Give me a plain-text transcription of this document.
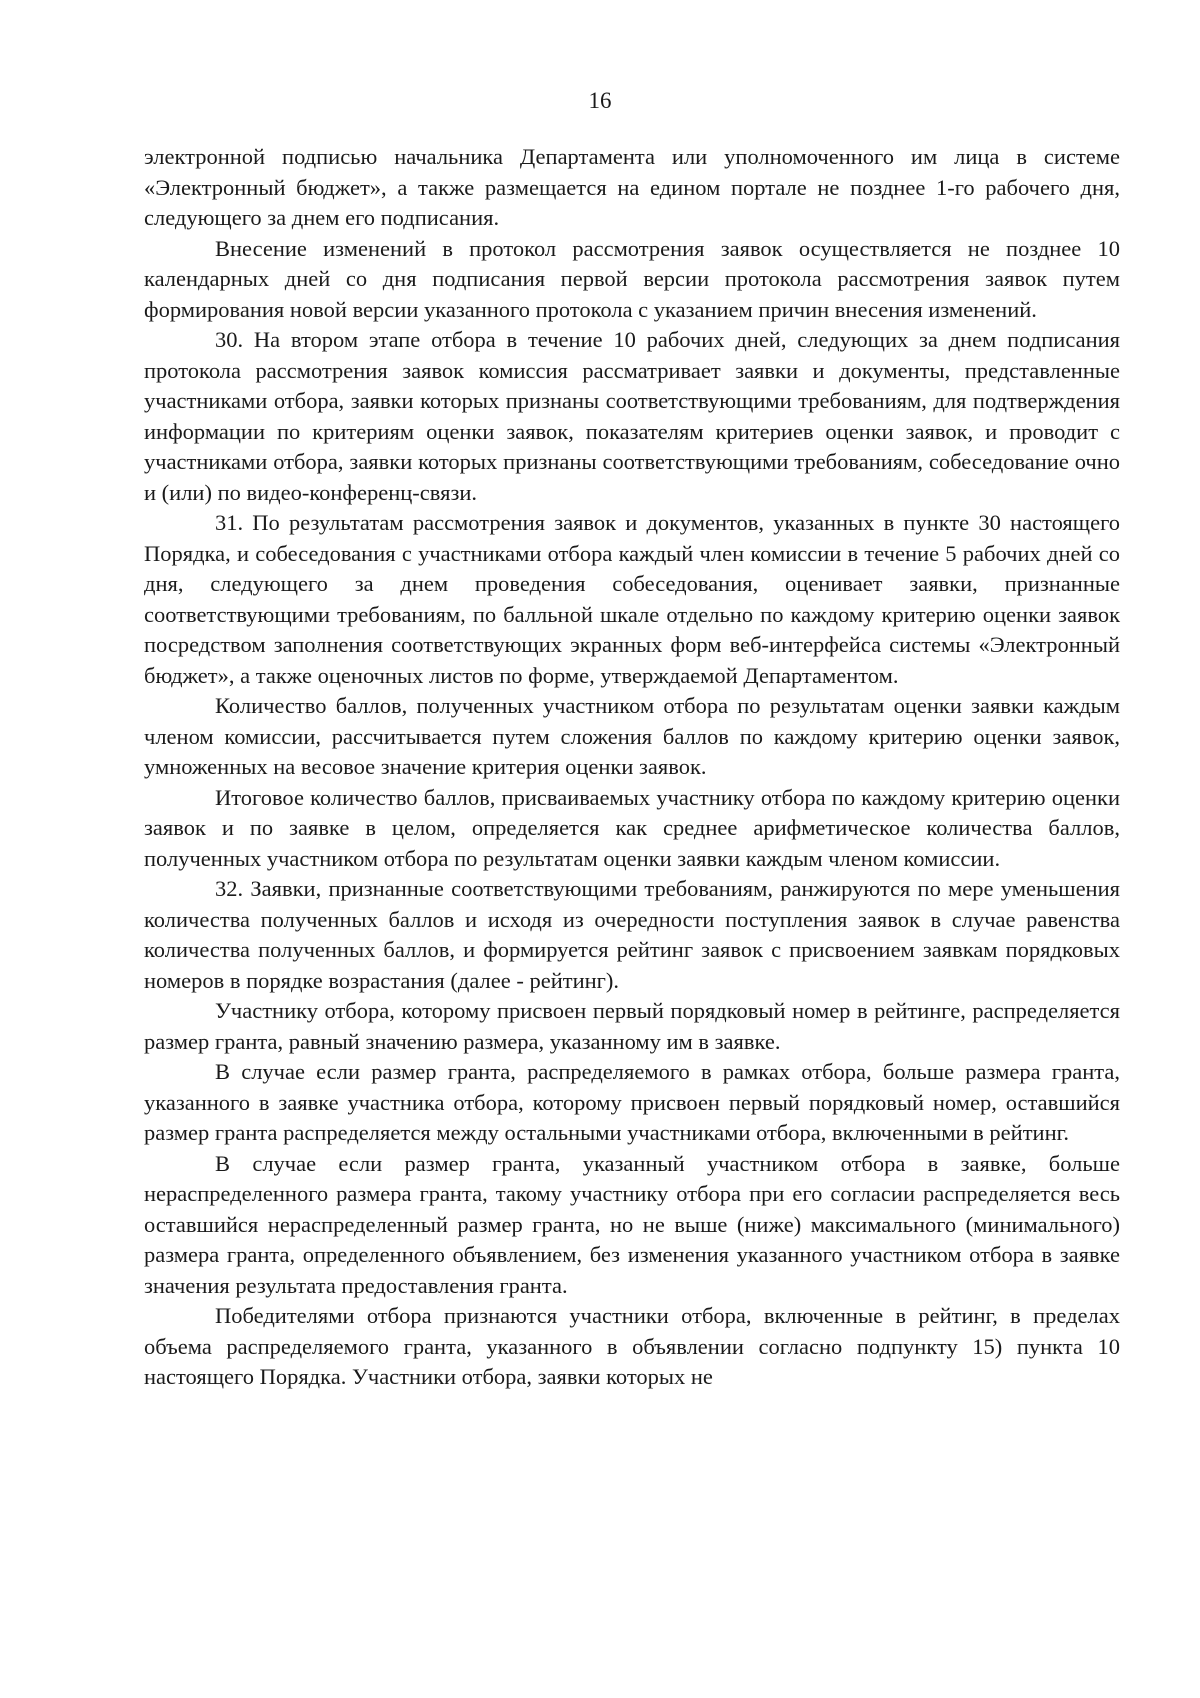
16

электронной подписью начальника Департамента или уполномоченного им лица в системе «Электронный бюджет», а также размещается на едином портале не позднее 1-го рабочего дня, следующего за днем его подписания.

Внесение изменений в протокол рассмотрения заявок осуществляется не позднее 10 календарных дней со дня подписания первой версии протокола рассмотрения заявок путем формирования новой версии указанного протокола с указанием причин внесения изменений.

30. На втором этапе отбора в течение 10 рабочих дней, следующих за днем подписания протокола рассмотрения заявок комиссия рассматривает заявки и документы, представленные участниками отбора, заявки которых признаны соответствующими требованиям, для подтверждения информации по критериям оценки заявок, показателям критериев оценки заявок, и проводит с участниками отбора, заявки которых признаны соответствующими требованиям, собеседование очно и (или) по видео-конференц-связи.

31. По результатам рассмотрения заявок и документов, указанных в пункте 30 настоящего Порядка, и собеседования с участниками отбора каждый член комиссии в течение 5 рабочих дней со дня, следующего за днем проведения собеседования, оценивает заявки, признанные соответствующими требованиям, по балльной шкале отдельно по каждому критерию оценки заявок посредством заполнения соответствующих экранных форм веб-интерфейса системы «Электронный бюджет», а также оценочных листов по форме, утверждаемой Департаментом.

Количество баллов, полученных участником отбора по результатам оценки заявки каждым членом комиссии, рассчитывается путем сложения баллов по каждому критерию оценки заявок, умноженных на весовое значение критерия оценки заявок.

Итоговое количество баллов, присваиваемых участнику отбора по каждому критерию оценки заявок и по заявке в целом, определяется как среднее арифметическое количества баллов, полученных участником отбора по результатам оценки заявки каждым членом комиссии.

32. Заявки, признанные соответствующими требованиям, ранжируются по мере уменьшения количества полученных баллов и исходя из очередности поступления заявок в случае равенства количества полученных баллов, и формируется рейтинг заявок с присвоением заявкам порядковых номеров в порядке возрастания (далее - рейтинг).

Участнику отбора, которому присвоен первый порядковый номер в рейтинге, распределяется размер гранта, равный значению размера, указанному им в заявке.

В случае если размер гранта, распределяемого в рамках отбора, больше размера гранта, указанного в заявке участника отбора, которому присвоен первый порядковый номер, оставшийся размер гранта распределяется между остальными участниками отбора, включенными в рейтинг.

В случае если размер гранта, указанный участником отбора в заявке, больше нераспределенного размера гранта, такому участнику отбора при его согласии распределяется весь оставшийся нераспределенный размер гранта, но не выше (ниже) максимального (минимального) размера гранта, определенного объявлением, без изменения указанного участником отбора в заявке значения результата предоставления гранта.

Победителями отбора признаются участники отбора, включенные в рейтинг, в пределах объема распределяемого гранта, указанного в объявлении согласно подпункту 15) пункта 10 настоящего Порядка. Участники отбора, заявки которых не
